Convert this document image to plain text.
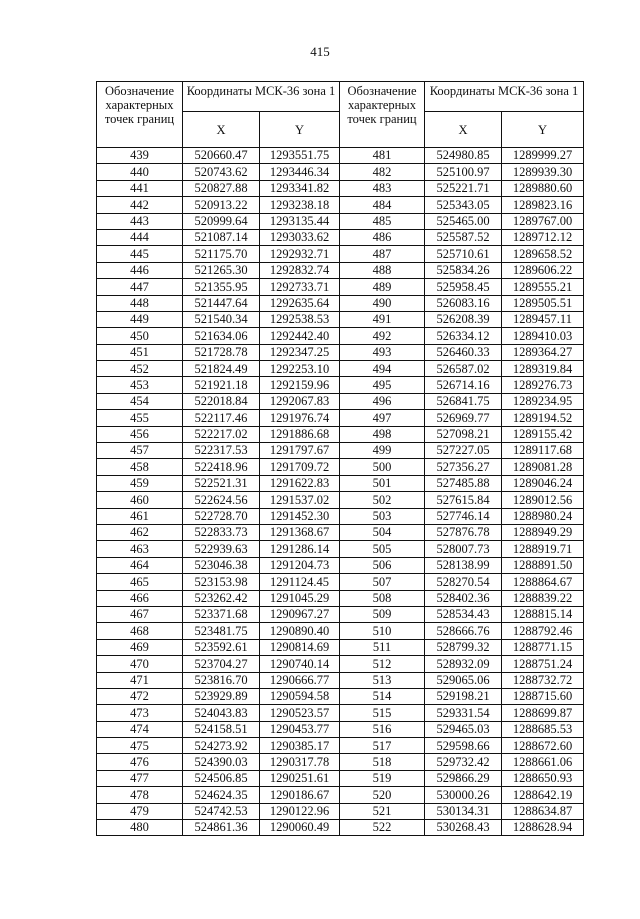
415
Обозначение характерных точек границ	Координаты МСК-36 зона 1		Обозначение характерных точек границ	Координаты МСК-36 зона 1	
	X	Y		X	Y
439	520660.47	1293551.75	481	524980.85	1289999.27
440	520743.62	1293446.34	482	525100.97	1289939.30
441	520827.88	1293341.82	483	525221.71	1289880.60
442	520913.22	1293238.18	484	525343.05	1289823.16
443	520999.64	1293135.44	485	525465.00	1289767.00
444	521087.14	1293033.62	486	525587.52	1289712.12
445	521175.70	1292932.71	487	525710.61	1289658.52
446	521265.30	1292832.74	488	525834.26	1289606.22
447	521355.95	1292733.71	489	525958.45	1289555.21
448	521447.64	1292635.64	490	526083.16	1289505.51
449	521540.34	1292538.53	491	526208.39	1289457.11
450	521634.06	1292442.40	492	526334.12	1289410.03
451	521728.78	1292347.25	493	526460.33	1289364.27
452	521824.49	1292253.10	494	526587.02	1289319.84
453	521921.18	1292159.96	495	526714.16	1289276.73
454	522018.84	1292067.83	496	526841.75	1289234.95
455	522117.46	1291976.74	497	526969.77	1289194.52
456	522217.02	1291886.68	498	527098.21	1289155.42
457	522317.53	1291797.67	499	527227.05	1289117.68
458	522418.96	1291709.72	500	527356.27	1289081.28
459	522521.31	1291622.83	501	527485.88	1289046.24
460	522624.56	1291537.02	502	527615.84	1289012.56
461	522728.70	1291452.30	503	527746.14	1288980.24
462	522833.73	1291368.67	504	527876.78	1288949.29
463	522939.63	1291286.14	505	528007.73	1288919.71
464	523046.38	1291204.73	506	528138.99	1288891.50
465	523153.98	1291124.45	507	528270.54	1288864.67
466	523262.42	1291045.29	508	528402.36	1288839.22
467	523371.68	1290967.27	509	528534.43	1288815.14
468	523481.75	1290890.40	510	528666.76	1288792.46
469	523592.61	1290814.69	511	528799.32	1288771.15
470	523704.27	1290740.14	512	528932.09	1288751.24
471	523816.70	1290666.77	513	529065.06	1288732.72
472	523929.89	1290594.58	514	529198.21	1288715.60
473	524043.83	1290523.57	515	529331.54	1288699.87
474	524158.51	1290453.77	516	529465.03	1288685.53
475	524273.92	1290385.17	517	529598.66	1288672.60
476	524390.03	1290317.78	518	529732.42	1288661.06
477	524506.85	1290251.61	519	529866.29	1288650.93
478	524624.35	1290186.67	520	530000.26	1288642.19
479	524742.53	1290122.96	521	530134.31	1288634.87
480	524861.36	1290060.49	522	530268.43	1288628.94
